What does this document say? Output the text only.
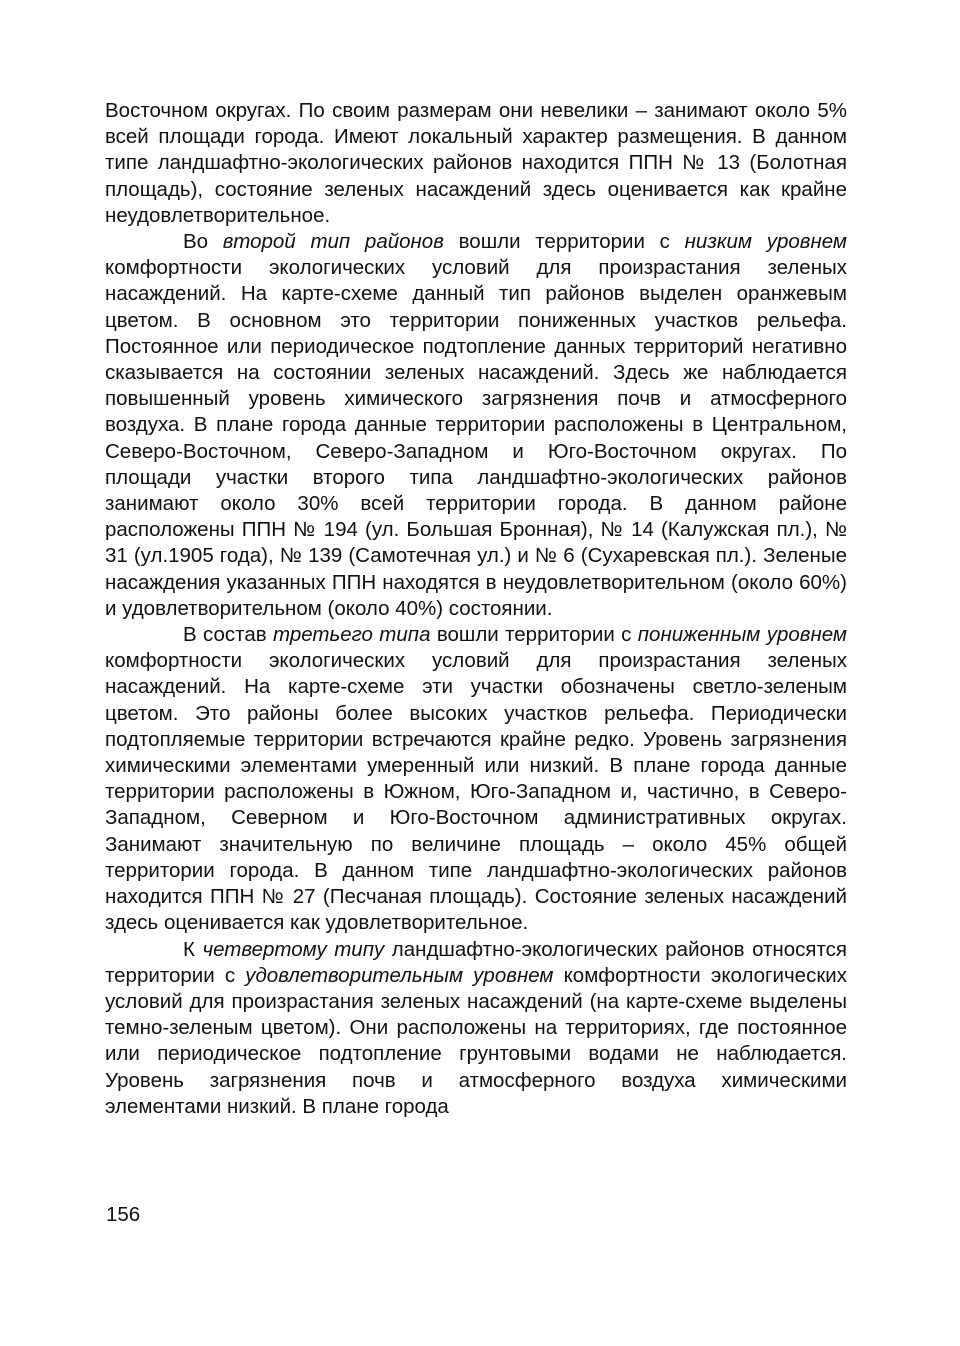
Восточном округах. По своим размерам они невелики – занимают около 5% всей площади города. Имеют локальный характер размещения. В данном типе ландшафтно-экологических районов находится ППН № 13 (Болотная площадь), состояние зеленых насаждений здесь оценивается как крайне неудовлетворительное.

Во второй тип районов вошли территории с низким уровнем комфортности экологических условий для произрастания зеленых насаждений. На карте-схеме данный тип районов выделен оранжевым цветом. В основном это территории пониженных участков рельефа. Постоянное или периодическое подтопление данных территорий негативно сказывается на состоянии зеленых насаждений. Здесь же наблюдается повышенный уровень химического загрязнения почв и атмосферного воздуха. В плане города данные территории расположены в Центральном, Северо-Восточном, Северо-Западном и Юго-Восточном округах. По площади участки второго типа ландшафтно-экологических районов занимают около 30% всей территории города. В данном районе расположены ППН № 194 (ул. Большая Бронная), № 14 (Калужская пл.), № 31 (ул.1905 года), № 139 (Самотечная ул.) и № 6 (Сухаревская пл.). Зеленые насаждения указанных ППН находятся в неудовлетворительном (около 60%) и удовлетворительном (около 40%) состоянии.

В состав третьего типа вошли территории с пониженным уровнем комфортности экологических условий для произрастания зеленых насаждений. На карте-схеме эти участки обозначены светло-зеленым цветом. Это районы более высоких участков рельефа. Периодически подтопляемые территории встречаются крайне редко. Уровень загрязнения химическими элементами умеренный или низкий. В плане города данные территории расположены в Южном, Юго-Западном и, частично, в Северо-Западном, Северном и Юго-Восточном административных округах. Занимают значительную по величине площадь – около 45% общей территории города. В данном типе ландшафтно-экологических районов находится ППН № 27 (Песчаная площадь). Состояние зеленых насаждений здесь оценивается как удовлетворительное.

К четвертому типу ландшафтно-экологических районов относятся территории с удовлетворительным уровнем комфортности экологических условий для произрастания зеленых насаждений (на карте-схеме выделены темно-зеленым цветом). Они расположены на территориях, где постоянное или периодическое подтопление грунтовыми водами не наблюдается. Уровень загрязнения почв и атмосферного воздуха химическими элементами низкий. В плане города

156
